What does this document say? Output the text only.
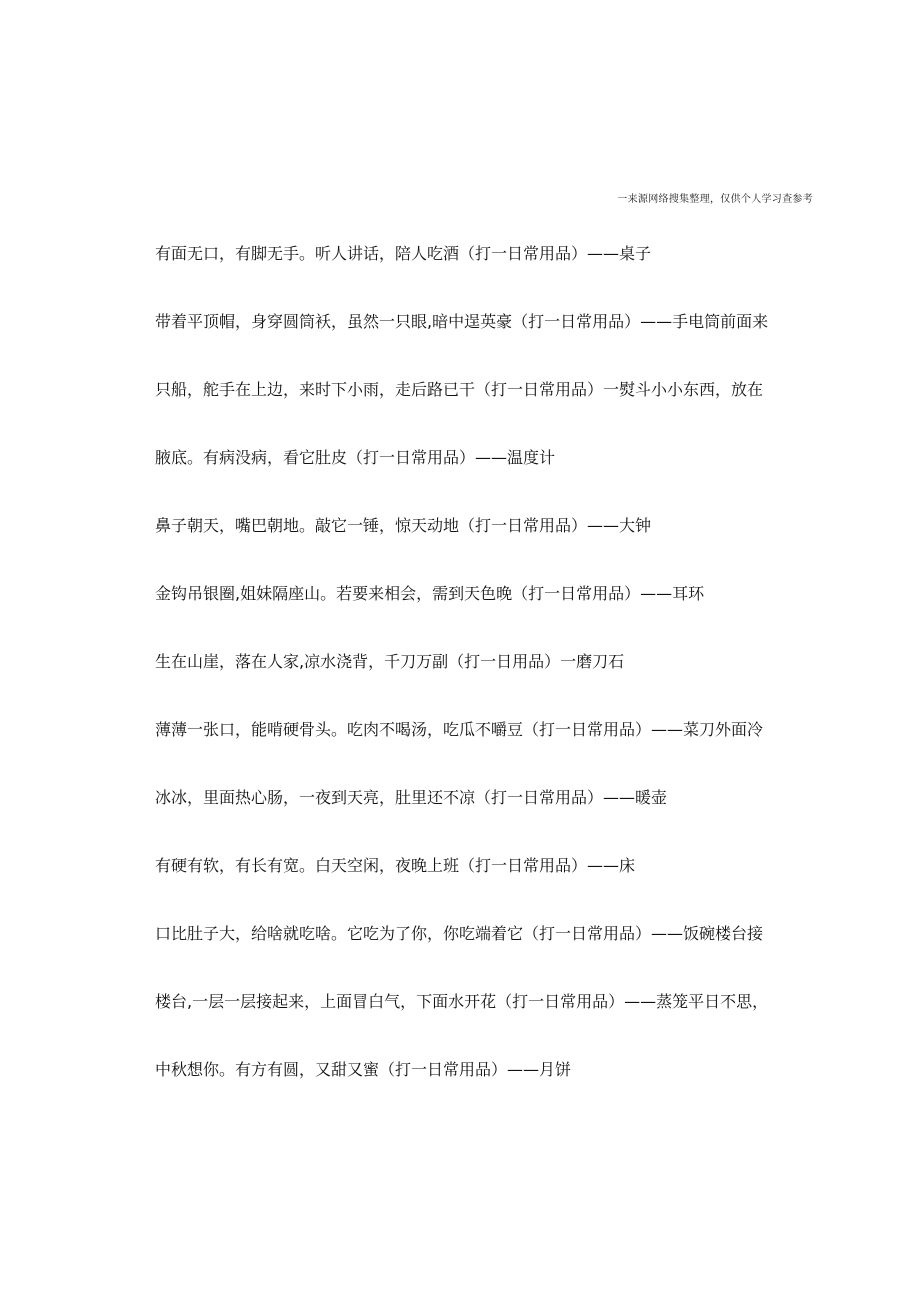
一来源网络搜集整理，仅供个人学习查参考
有面无口，有脚无手。听人讲话，陪人吃酒（打一日常用品）——桌子
带着平顶帽，身穿圆筒袄，虽然一只眼,暗中逞英豪（打一日常用品）——手电筒前面来
只船，舵手在上边，来时下小雨，走后路已干（打一日常用品）一熨斗小小东西，放在
腋底。有病没病，看它肚皮（打一日常用品）——温度计
鼻子朝天，嘴巴朝地。敲它一锤，惊天动地（打一日常用品）——大钟
金钩吊银圈,姐妹隔座山。若要来相会，需到天色晚（打一日常用品）——耳环
生在山崖，落在人家,凉水浇背，千刀万副（打一日用品）一磨刀石
薄薄一张口，能啃硬骨头。吃肉不喝汤，吃瓜不嚼豆（打一日常用品）——菜刀外面冷
冰冰，里面热心肠，一夜到天亮，肚里还不凉（打一日常用品）——暖壶
有硬有软，有长有宽。白天空闲，夜晚上班（打一日常用品）——床
口比肚子大，给啥就吃啥。它吃为了你，你吃端着它（打一日常用品）——饭碗楼台接
楼台,一层一层接起来，上面冒白气，下面水开花（打一日常用品）——蒸笼平日不思，
中秋想你。有方有圆，又甜又蜜（打一日常用品）——月饼
